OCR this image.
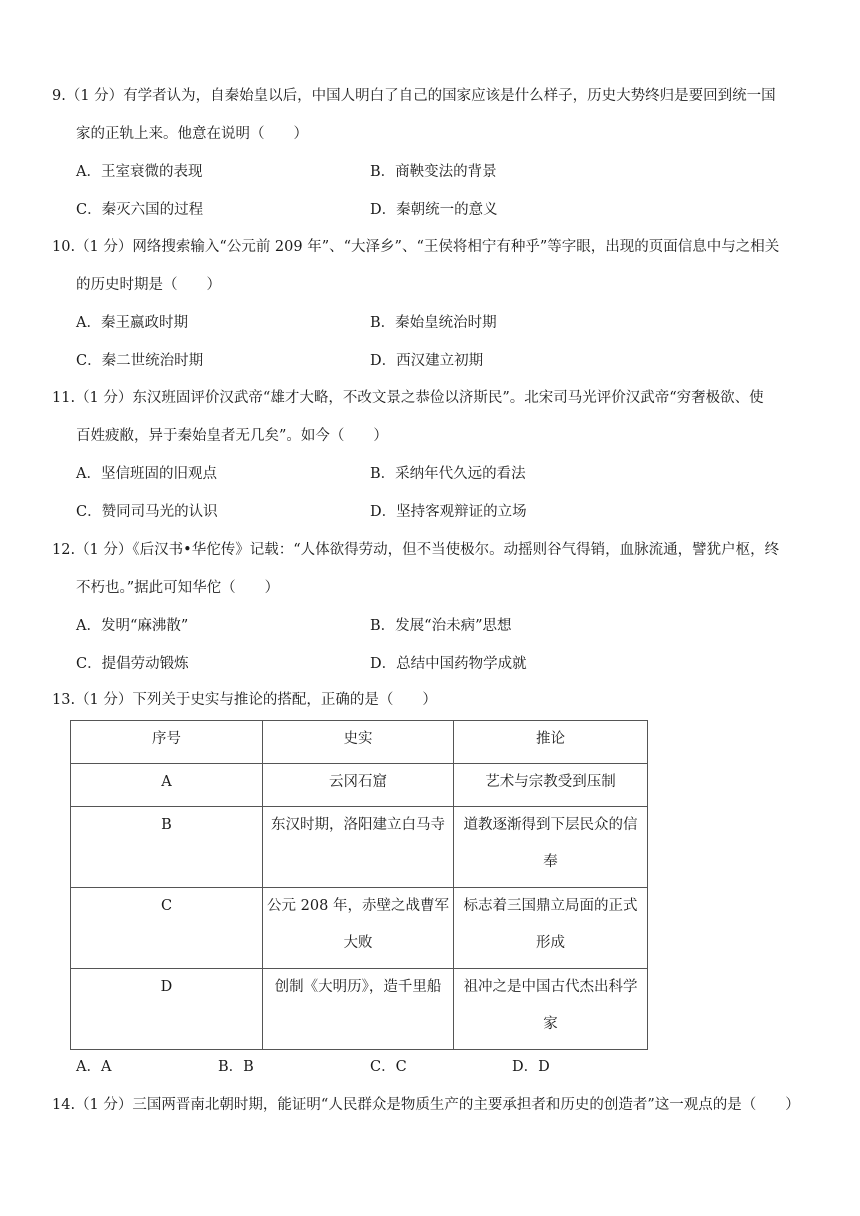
9.（1 分）有学者认为，自秦始皇以后，中国人明白了自己的国家应该是什么样子，历史大势终归是要回到统一国
家的正轨上来。他意在说明（　　）
A．王室衰微的表现	B．商鞅变法的背景
C．秦灭六国的过程	D．秦朝统一的意义
10.（1 分）网络搜索输入“公元前 209 年”、“大泽乡”、“王侯将相宁有种乎”等字眼，出现的页面信息中与之相关
的历史时期是（　　）
A．秦王嬴政时期	B．秦始皇统治时期
C．秦二世统治时期	D．西汉建立初期
11.（1 分）东汉班固评价汉武帝“雄才大略，不改文景之恭俭以济斯民”。北宋司马光评价汉武帝“穷奢极欲、使
百姓疲敝，异于秦始皇者无几矣”。如今（　　）
A．坚信班固的旧观点	B．采纳年代久远的看法
C．赞同司马光的认识	D．坚持客观辩证的立场
12.（1 分）《后汉书•华佗传》记载：“人体欲得劳动，但不当使极尔。动摇则谷气得销，血脉流通，譬犹户枢，终
不朽也。”据此可知华佗（　　）
A．发明“麻沸散”	B．发展“治未病”思想
C．提倡劳动锻炼	D．总结中国药物学成就
13.（1 分）下列关于史实与推论的搭配，正确的是（　　）
序号	史实	推论
A	云冈石窟	艺术与宗教受到压制
B	东汉时期，洛阳建立白马寺	道教逐渐得到下层民众的信奉
C	公元 208 年，赤壁之战曹军大败	标志着三国鼎立局面的正式形成
D	创制《大明历》，造千里船	祖冲之是中国古代杰出科学家
A．A	B．B	C．C	D．D
14.（1 分）三国两晋南北朝时期，能证明“人民群众是物质生产的主要承担者和历史的创造者”这一观点的是（　　）
